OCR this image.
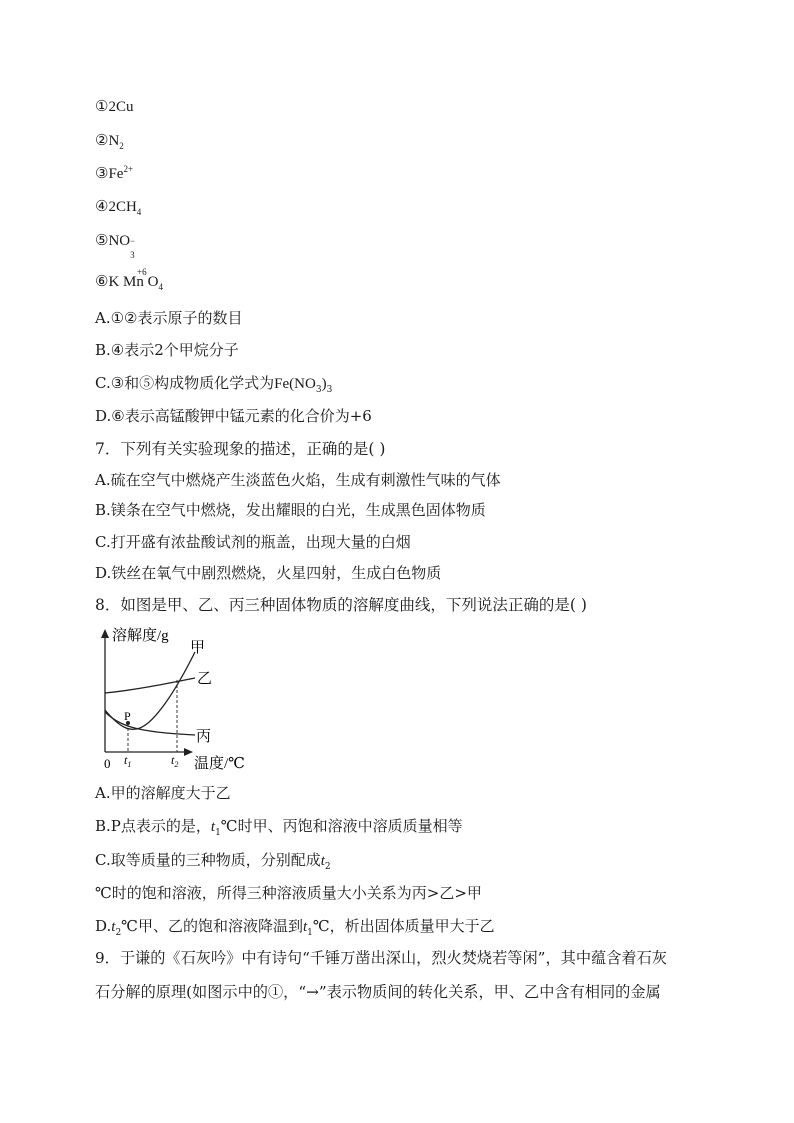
①2Cu
$②N_2$
$③Fe^{2+}$
$④2CH_4$
⑤NO −
3
⑥K
+6
Mn $O_4$
A.①②表示原子的数目
B.④表示2个甲烷分子
C.③和⑤构成物质化学式为$Fe(NO_3)_3$
D.⑥表示高锰酸钾中锰元素的化合价为+6
7．下列有关实验现象的描述，正确的是( )
A.硫在空气中燃烧产生淡蓝色火焰，生成有刺激性气味的气体
B.镁条在空气中燃烧，发出耀眼的白光，生成黑色固体物质
C.打开盛有浓盐酸试剂的瓶盖，出现大量的白烟
D.铁丝在氧气中剧烈燃烧，火星四射，生成白色物质
8．如图是甲、乙、丙三种固体物质的溶解度曲线，下列说法正确的是( )
溶解度/g
甲
乙
丙
P
0 $t_1$	$t_2$ 温度/℃
A.甲的溶解度大于乙
B.P点表示的是，$t_1℃$时甲、丙饱和溶液中溶质质量相等
C.取等质量的三种物质，分别配成$t_2$
℃时的饱和溶液，所得三种溶液质量大小关系为丙>乙>甲
$D.t_2℃$甲、乙的饱和溶液降温到$t_1℃$，析出固体质量甲大于乙
9．于谦的《石灰吟》中有诗句“千锤万凿出深山，烈火焚烧若等闲”，其中蕴含着石灰
石分解的原理(如图示中的①，“→”表示物质间的转化关系，甲、乙中含有相同的金属
